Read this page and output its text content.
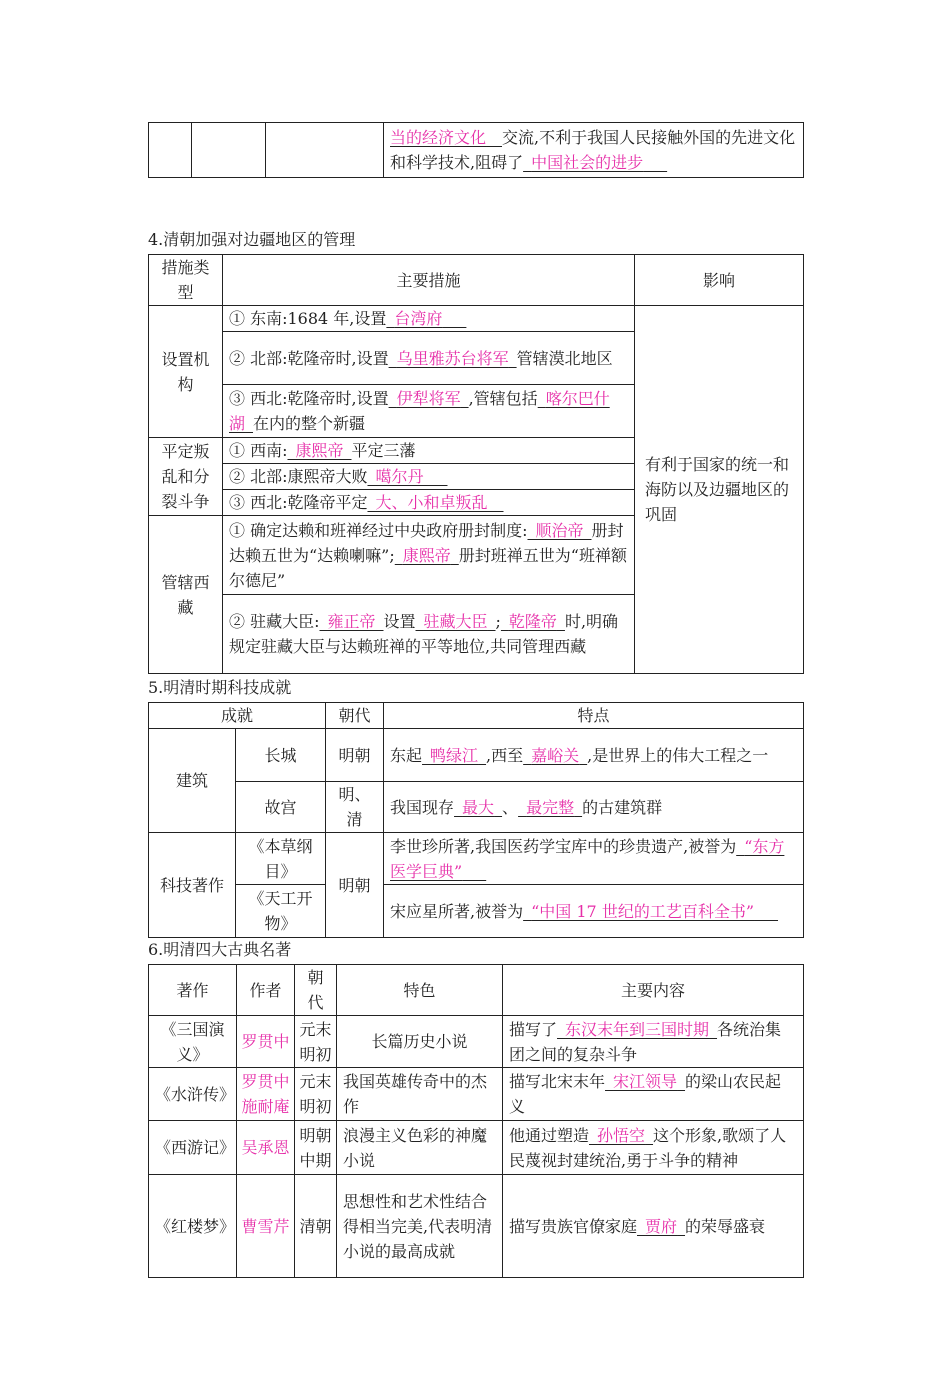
			当的经济文化  交流,不利于我国人民接触外国的先进文化和科学技术,阻碍了  中国社会的进步  
4.清朝加强对边疆地区的管理
措施类型	主要措施	影响
设置机构	① 东南:1684 年,设置  台湾府  	有利于国家的统一和海防以及边疆地区的巩固
	② 北部:乾隆帝时,设置  乌里雅苏台将军  管辖漠北地区	
	③ 西北:乾隆帝时,设置  伊犁将军  ,管辖包括  喀尔巴什湖  在内的整个新疆	
平定叛乱和分裂斗争	① 西南:  康熙帝  平定三藩	
	② 北部:康熙帝大败  噶尔丹	  
	③ 西北:乾隆帝平定  大、小和卓叛乱	 
管辖西藏	① 确定达赖和班禅经过中央政府册封制度:  顺治帝  册封达赖五世为“达赖喇嘛”;  康熙帝  册封班禅五世为“班禅额尔德尼”	
	② 驻藏大臣:  雍正帝  设置  驻藏大臣  ;  乾隆帝  时,明确规定驻藏大臣与达赖班禅的平等地位,共同管理西藏	
5.明清时期科技成就
成就		朝代	特点
建筑	长城	明朝	东起  鸭绿江  ,西至  嘉峪关  ,是世界上的伟大工程之一
	故宫	明、清	我国现存  最大  、  最完整  的古建筑群
科技著作	《本草纲目》	明朝	李世珍所著,我国医药学宝库中的珍贵遗产,被誉为  “东方医学巨典”  
	《天工开物》		宋应星所著,被誉为  “中国 17 世纪的工艺百科全书”  
6.明清四大古典名著
著作	作者	朝代	特色	主要内容
《三国演义》	罗贯中	元末明初	长篇历史小说	描写了  东汉末年到三国时期  各统治集团之间的复杂斗争
《水浒传》	罗贯中施耐庵	元末明初	我国英雄传奇中的杰作	描写北宋末年  宋江领导  的梁山农民起义
《西游记》	吴承恩	明朝中期	浪漫主义色彩的神魔小说	他通过塑造  孙悟空  这个形象,歌颂了人民蔑视封建统治,勇于斗争的精神
《红楼梦》	曹雪芹	清朝	思想性和艺术性结合得相当完美,代表明清小说的最高成就	描写贵族官僚家庭  贾府  的荣辱盛衰
